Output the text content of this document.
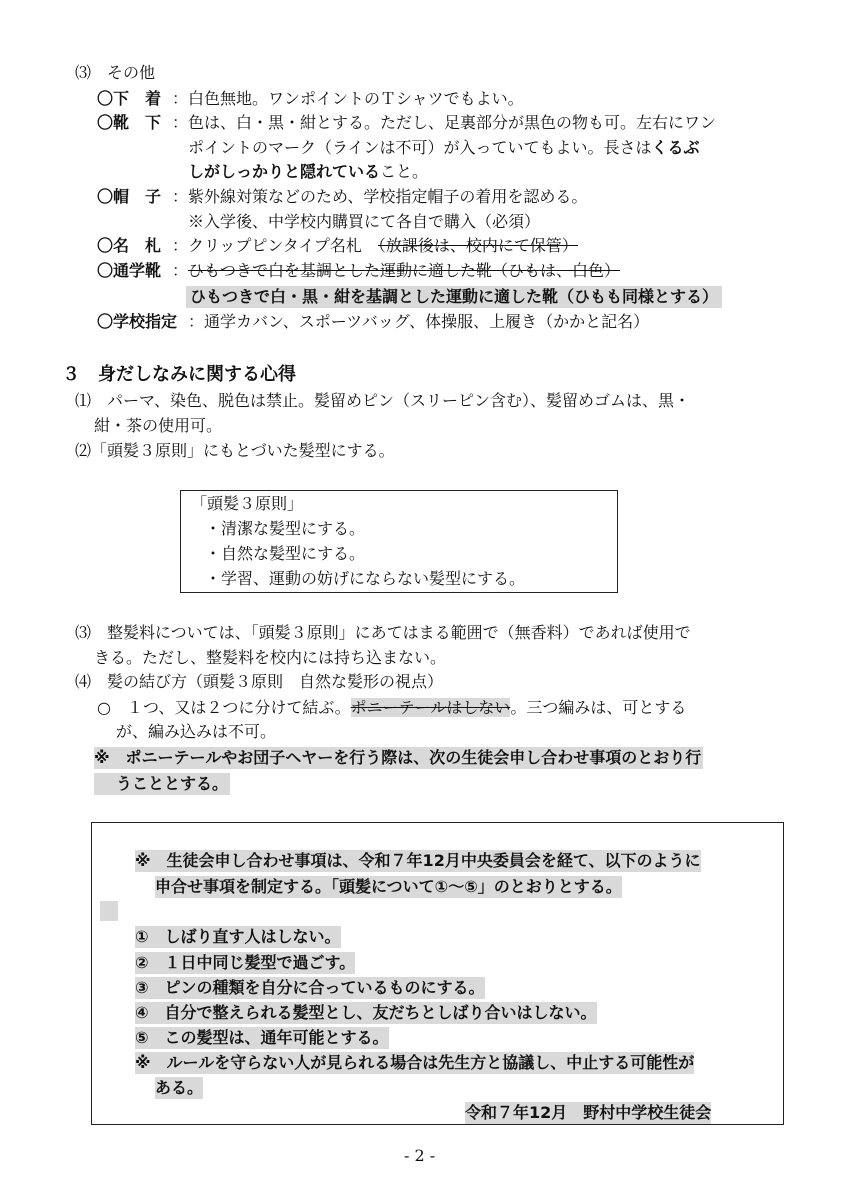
⑶　その他
〇下　着 ：白色無地。ワンポイントのＴシャツでもよい。
〇靴　下 ：色は、白・黒・紺とする。ただし、足裏部分が黒色の物も可。左右にワン
ポイントのマーク（ラインは不可）が入っていてもよい。長さはくるぶ
しがしっかりと隠れていること。
〇帽　子 ：紫外線対策などのため、学校指定帽子の着用を認める。
※入学後、中学校内購買にて各自で購入（必須）
〇名　札 ：クリップピンタイプ名札　（放課後は、校内にて保管）
〇通学靴 ：ひもつきで白を基調とした運動に適した靴（ひもは、白色）
ひもつきで白・黒・紺を基調とした運動に適した靴（ひもも同様とする）
〇学校指定 ：通学カバン、スポーツバッグ、体操服、上履き（かかと記名）
３　身だしなみに関する心得
⑴　パーマ、染色、脱色は禁止。髪留めピン（スリーピン含む）、髪留めゴムは、黒・
紺・茶の使用可。
⑵「頭髪３原則」にもとづいた髪型にする。
「頭髪３原則」
・清潔な髪型にする。
・自然な髪型にする。
・学習、運動の妨げにならない髪型にする。
⑶　整髪料については、「頭髪３原則」にあてはまる範囲で（無香料）であれば使用で
きる。ただし、整髪料を校内には持ち込まない。
⑷　髪の結び方（頭髪３原則　自然な髪形の視点）
○　１つ、又は２つに分けて結ぶ。ポニーテールはしない。三つ編みは、可とする
が、編み込みは不可。
※　ポニーテールやお団子ヘヤーを行う際は、次の生徒会申し合わせ事項のとおり行
うこととする。
※　生徒会申し合わせ事項は、令和７年12月中央委員会を経て、以下のように
申合せ事項を制定する。「頭髪について①～⑤」のとおりとする。
①　しばり直す人はしない。
②　１日中同じ髪型で過ごす。
③　ピンの種類を自分に合っているものにする。
④　自分で整えられる髪型とし、友だちとしばり合いはしない。
⑤　この髪型は、通年可能とする。
※　ルールを守らない人が見られる場合は先生方と協議し、中止する可能性が
ある。
令和７年12月　野村中学校生徒会
- 2 -
